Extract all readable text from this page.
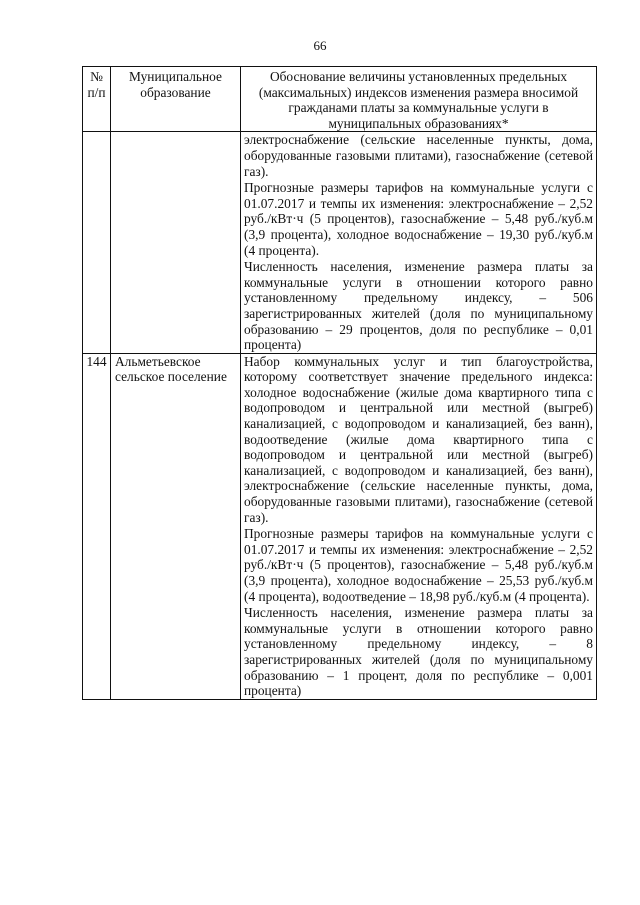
66
№ п/п	Муниципальное образование	Обоснование величины установленных предельных (максимальных) индексов изменения размера вносимой гражданами платы за коммунальные услуги в муниципальных образованиях*

		электроснабжение (сельские населенные пункты, дома, оборудованные газовыми плитами), газоснабжение (сетевой газ).

Прогнозные размеры тарифов на коммунальные услуги с 01.07.2017 и темпы их изменения: электроснабжение – 2,52 руб./кВт·ч (5 процентов), газоснабжение – 5,48 руб./куб.м (3,9 процента), холодное водоснабжение – 19,30 руб./куб.м (4 процента).

Численность населения, изменение размера платы за коммунальные услуги в отношении которого равно установленному предельному индексу, – 506 зарегистрированных жителей (доля по муниципальному образованию – 29 процентов, доля по республике – 0,01 процента)

144	Альметьевское сельское поселение	Набор коммунальных услуг и тип благоустройства, которому соответствует значение предельного индекса: холодное водоснабжение (жилые дома квартирного типа с водопроводом и центральной или местной (выгреб) канализацией, с водопроводом и канализацией, без ванн), водоотведение (жилые дома квартирного типа с водопроводом и центральной или местной (выгреб) канализацией, с водопроводом и канализацией, без ванн), электроснабжение (сельские населенные пункты, дома, оборудованные газовыми плитами), газоснабжение (сетевой газ).

Прогнозные размеры тарифов на коммунальные услуги с 01.07.2017 и темпы их изменения: электроснабжение – 2,52 руб./кВт·ч (5 процентов), газоснабжение – 5,48 руб./куб.м (3,9 процента), холодное водоснабжение – 25,53 руб./куб.м (4 процента), водоотведение – 18,98 руб./куб.м (4 процента).

Численность населения, изменение размера платы за коммунальные услуги в отношении которого равно установленному предельному индексу, – 8 зарегистрированных жителей (доля по муниципальному образованию – 1 процент, доля по республике – 0,001 процента)
